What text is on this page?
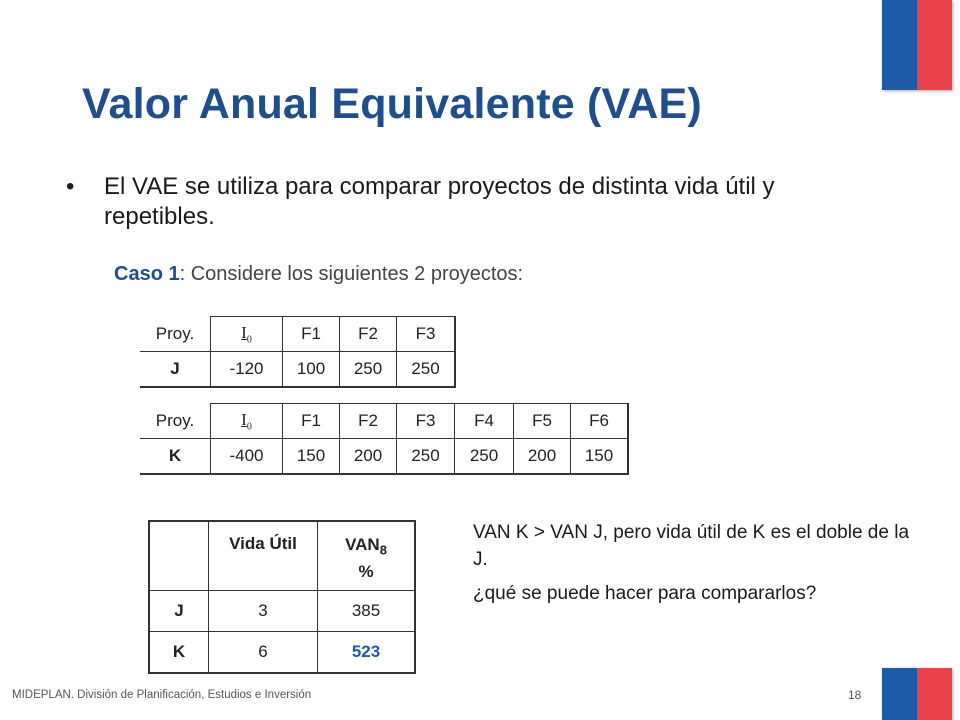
Valor Anual Equivalente (VAE)
• El VAE se utiliza para comparar proyectos de distinta vida útil y repetibles.
Caso 1: Considere los siguientes 2 proyectos:
Proy.	$I_0$	F1	F2	F3
J	-120	100	250	250
Proy.	$I_0$	F1	F2	F3	F4	F5	F6
K	-400	150	200	250	250	200	150
	Vida Útil	$VAN_8$
%
J	3	385
K	6	523
VAN K > VAN J, pero vida útil de K es el doble de la J.
¿qué se puede hacer para compararlos?
MIDEPLAN. División de Planificación, Estudios e Inversión	18
